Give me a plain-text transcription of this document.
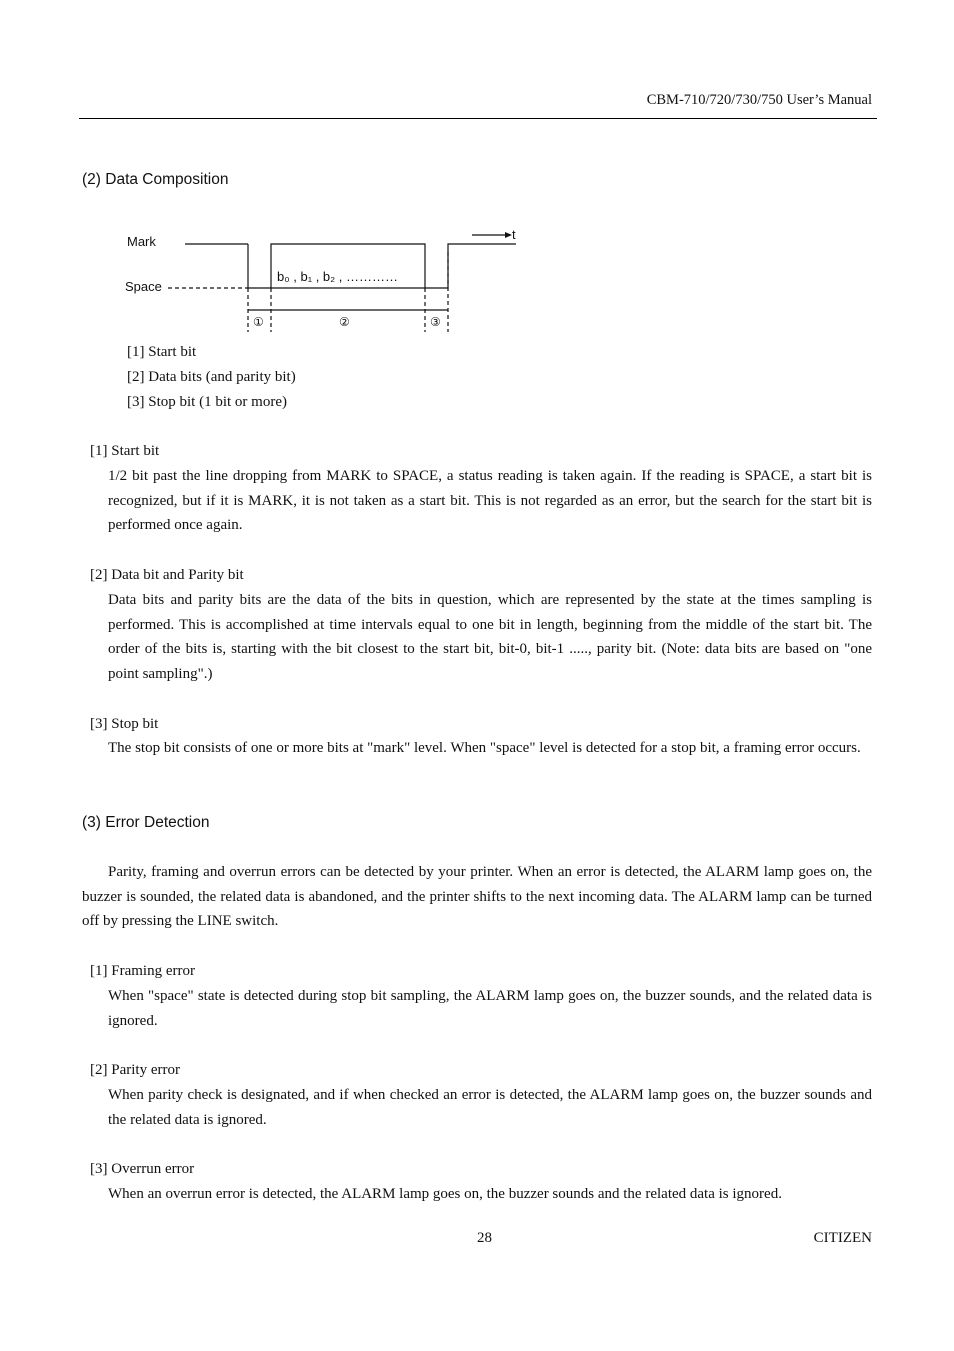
CBM-710/720/730/750 User’s Manual
(2) Data Composition
Mark
Space
t
b₀ , b₁ , b₂ , …………
①	②	③
[1] Start bit
[2] Data bits (and parity bit)
[3] Stop bit (1 bit or more)
[1] Start bit

1/2 bit past the line dropping from MARK to SPACE, a status reading is taken again. If the reading is SPACE, a start bit is recognized, but if it is MARK, it is not taken as a start bit. This is not regarded as an error, but the search for the start bit is performed once again.

[2] Data bit and Parity bit

Data bits and parity bits are the data of the bits in question, which are represented by the state at the times sampling is performed. This is accomplished at time intervals equal to one bit in length, beginning from the middle of the start bit. The order of the bits is, starting with the bit closest to the start bit, bit-0, bit-1 ....., parity bit. (Note: data bits are based on "one point sampling".)

[3] Stop bit

The stop bit consists of one or more bits at "mark" level. When "space" level is detected for a stop bit, a framing error occurs.

(3) Error Detection

Parity, framing and overrun errors can be detected by your printer. When an error is detected, the ALARM lamp goes on, the buzzer is sounded, the related data is abandoned, and the printer shifts to the next incoming data. The ALARM lamp can be turned off by pressing the LINE switch.

[1] Framing error

When "space" state is detected during stop bit sampling, the ALARM lamp goes on, the buzzer sounds, and the related data is ignored.

[2] Parity error

When parity check is designated, and if when checked an error is detected, the ALARM lamp goes on, the buzzer sounds and the related data is ignored.

[3] Overrun error

When an overrun error is detected, the ALARM lamp goes on, the buzzer sounds and the related data is ignored.

28	CITIZEN
